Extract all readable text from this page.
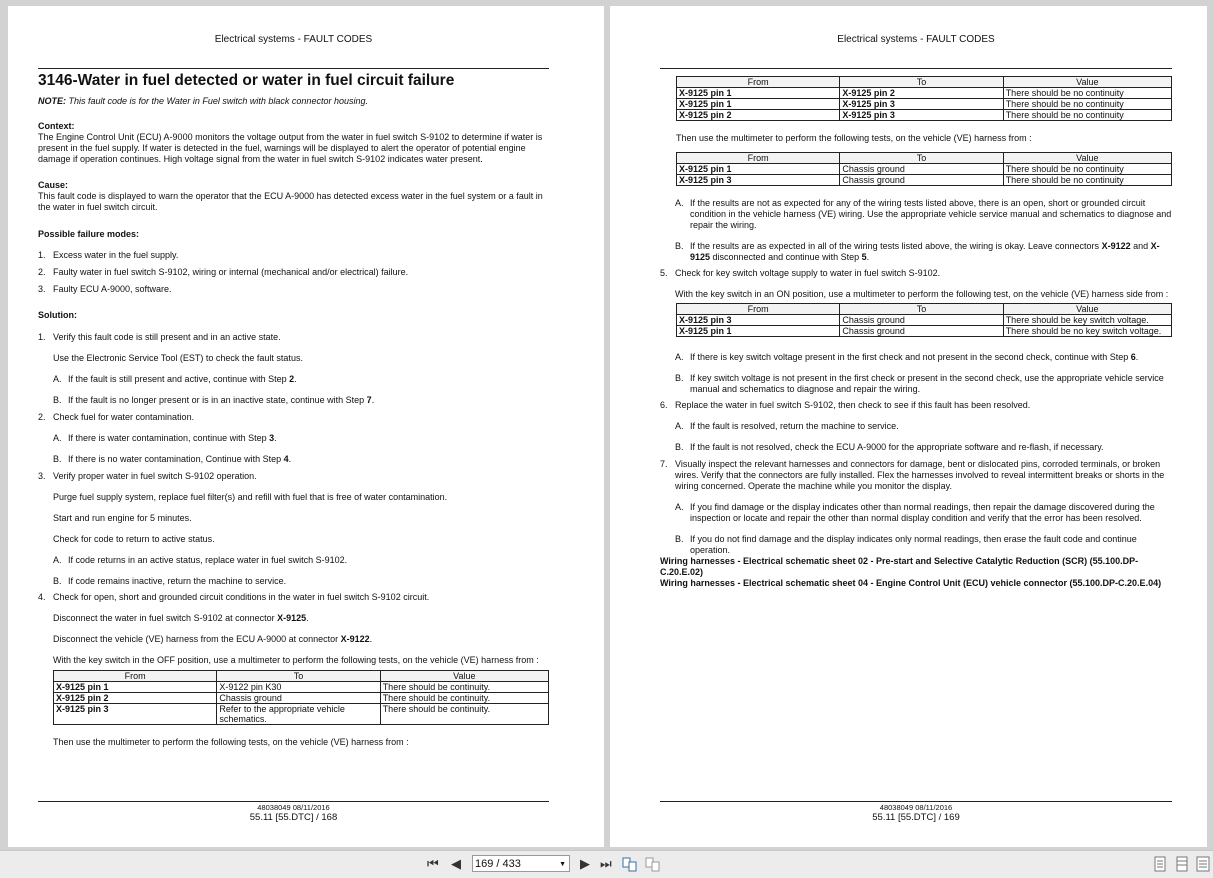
Electrical systems - FAULT CODES
3146-Water in fuel detected or water in fuel circuit failure

NOTE: This fault code is for the Water in Fuel switch with black connector housing.

Context:

The Engine Control Unit (ECU) A-9000 monitors the voltage output from the water in fuel switch S-9102 to determine if water is present in the fuel supply. If water is detected in the fuel, warnings will be displayed to alert the operator of potential engine damage if operation continues. High voltage signal from the water in fuel switch S-9102 indicates water present.

Cause:

This fault code is displayed to warn the operator that the ECU A-9000 has detected excess water in the fuel system or a fault in the water in fuel switch circuit.

Possible failure modes:

1. Excess water in the fuel supply.
2. Faulty water in fuel switch S-9102, wiring or internal (mechanical and/or electrical) failure.
3. Faulty ECU A-9000, software.

Solution:

1. Verify this fault code is still present and in an active state.

Use the Electronic Service Tool (EST) to check the fault status.

A. If the fault is still present and active, continue with Step 2.
B. If the fault is no longer present or is in an inactive state, continue with Step 7.
2. Check fuel for water contamination.
A. If there is water contamination, continue with Step 3.
B. If there is no water contamination, Continue with Step 4.
3. Verify proper water in fuel switch S-9102 operation.

Purge fuel supply system, replace fuel filter(s) and refill with fuel that is free of water contamination.

Start and run engine for 5 minutes.

Check for code to return to active status.

A. If code returns in an active status, replace water in fuel switch S-9102.
B. If code remains inactive, return the machine to service.
4. Check for open, short and grounded circuit conditions in the water in fuel switch S-9102 circuit.

Disconnect the water in fuel switch S-9102 at connector X-9125.

Disconnect the vehicle (VE) harness from the ECU A-9000 at connector X-9122.

With the key switch in the OFF position, use a multimeter to perform the following tests, on the vehicle (VE) harness from :

From	To	Value
X-9125 pin 1	X-9122 pin K30	There should be continuity.
X-9125 pin 2	Chassis ground	There should be continuity.
X-9125 pin 3	Refer to the appropriate vehicle schematics.	There should be continuity.

Then use the multimeter to perform the following tests, on the vehicle (VE) harness from :

48038049 08/11/2016
55.11 [55.DTC] / 168
Electrical systems - FAULT CODES
From	To	Value
X-9125 pin 1	X-9125 pin 2	There should be no continuity
X-9125 pin 1	X-9125 pin 3	There should be no continuity
X-9125 pin 2	X-9125 pin 3	There should be no continuity

Then use the multimeter to perform the following tests, on the vehicle (VE) harness from :

From	To	Value
X-9125 pin 1	Chassis ground	There should be no continuity
X-9125 pin 3	Chassis ground	There should be no continuity
A. If the results are not as expected for any of the wiring tests listed above, there is an open, short or grounded circuit condition in the vehicle harness (VE) wiring. Use the appropriate vehicle service manual and schematics to diagnose and repair the wiring.
B. If the results are as expected in all of the wiring tests listed above, the wiring is okay. Leave connectors X-9122 and X-9125 disconnected and continue with Step 5.
5. Check for key switch voltage supply to water in fuel switch S-9102.

With the key switch in an ON position, use a multimeter to perform the following test, on the vehicle (VE) harness side from :

From	To	Value
X-9125 pin 3	Chassis ground	There should be key switch voltage.
X-9125 pin 1	Chassis ground	There should be no key switch voltage.
A. If there is key switch voltage present in the first check and not present in the second check, continue with Step 6.
B. If key switch voltage is not present in the first check or present in the second check, use the appropriate vehicle service manual and schematics to diagnose and repair the wiring.
6. Replace the water in fuel switch S-9102, then check to see if this fault has been resolved.
A. If the fault is resolved, return the machine to service.
B. If the fault is not resolved, check the ECU A-9000 for the appropriate software and re-flash, if necessary.
7. Visually inspect the relevant harnesses and connectors for damage, bent or dislocated pins, corroded terminals, or broken wires. Verify that the connectors are fully installed. Flex the harnesses involved to reveal intermittent breaks or shorts in the wiring concerned. Operate the machine while you monitor the display.
A. If you find damage or the display indicates other than normal readings, then repair the damage discovered during the inspection or locate and repair the other than normal display condition and verify that the error has been resolved.
B. If you do not find damage and the display indicates only normal readings, then erase the fault code and continue operation.

Wiring harnesses - Electrical schematic sheet 02 - Pre-start and Selective Catalytic Reduction (SCR) (55.100.DP-C.20.E.02)

Wiring harnesses - Electrical schematic sheet 04 - Engine Control Unit (ECU) vehicle connector (55.100.DP-C.20.E.04)

48038049 08/11/2016
55.11 [55.DTC] / 169
⏮ ◀ 169 / 433	▼ ▶ ⏭
